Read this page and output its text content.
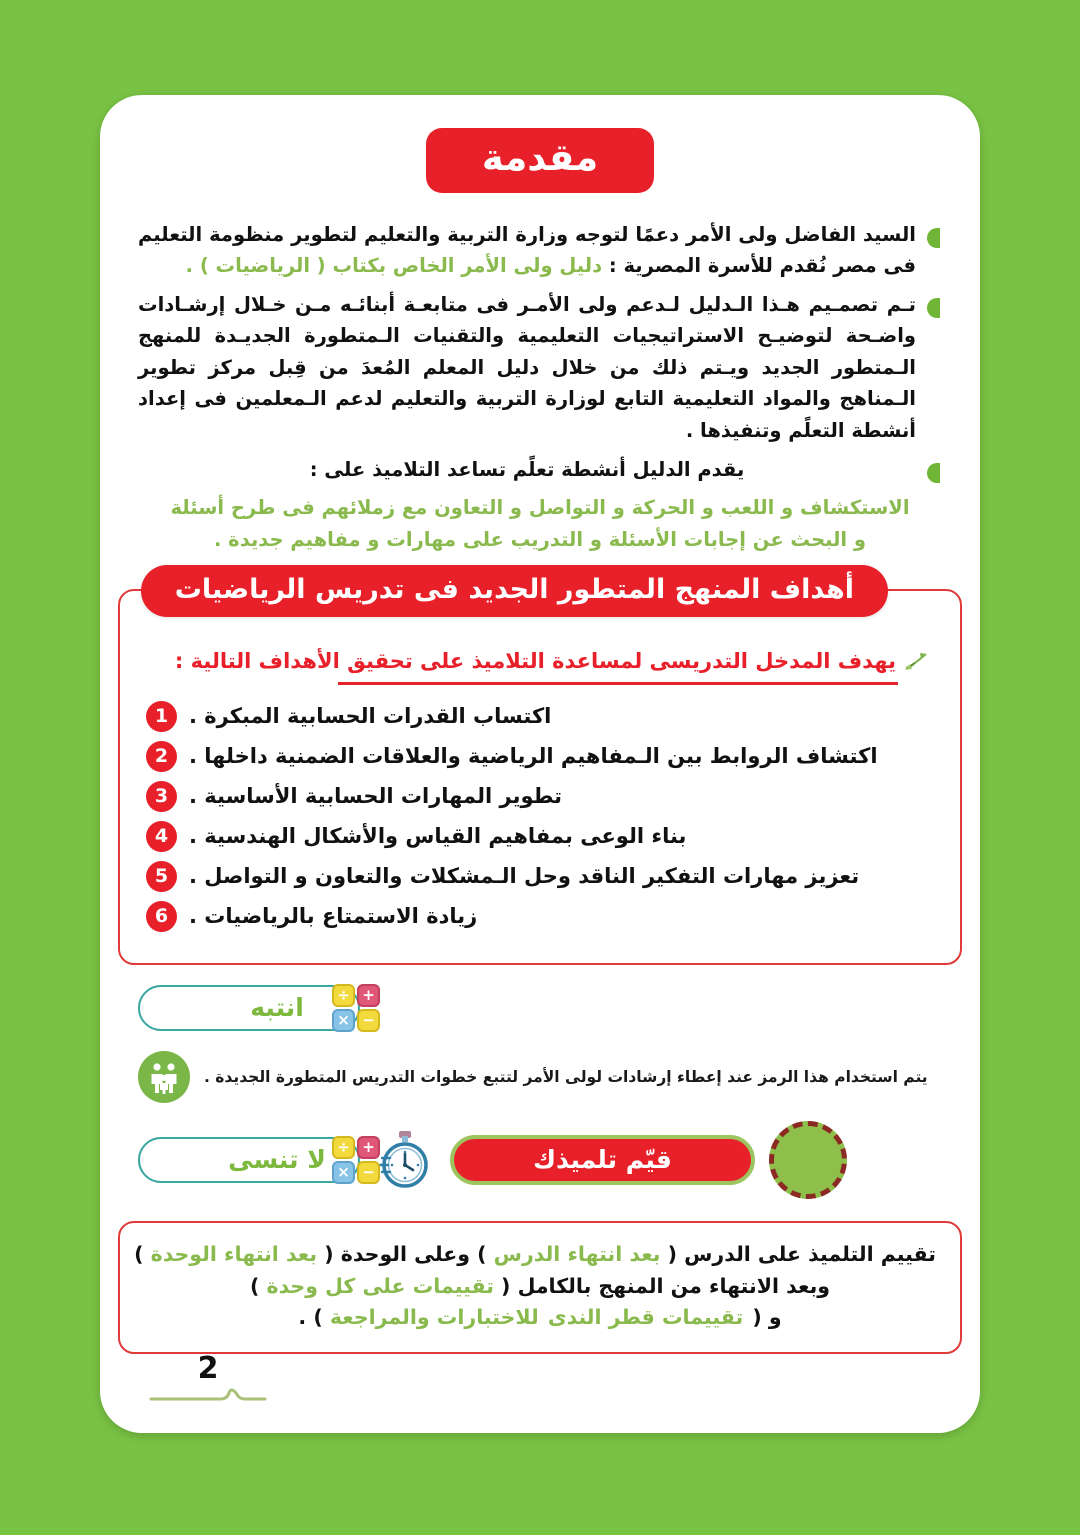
مقدمة
السيد الفاضل ولى الأمر دعمًا لتوجه وزارة التربية والتعليم لتطوير منظومة التعليم فى مصر نُقدم للأسرة المصرية : دليل ولى الأمر الخاص بكتاب ( الرياضيات ) .
تـم تصمـيم هـذا الـدليل لـدعم ولى الأمـر فى متابعـة أبنائـه مـن خـلال إرشـادات واضـحة لتوضيـح الاستراتيجيات التعليمية والتقنيات الـمتطورة الجديـدة للمنهج الـمتطور الجديد ويـتم ذلك من خلال دليل المعلم المُعدَ من قِبل مركز تطوير الـمناهج والمواد التعليمية التابع لوزارة التربية والتعليم لدعم الـمعلمين فى إعداد أنشطة التعلًم وتنفيذها .
يقدم الدليل أنشطة تعلًم تساعد التلاميذ على :
الاستكشاف و اللعب و الحركة و التواصل و التعاون مع زملائهم فى طرح أسئلة
و البحث عن إجابات الأسئلة و التدريب على مهارات و مفاهيم جديدة .
أهداف المنهج المتطور الجديد فى تدريس الرياضيات
يهدف المدخل التدريسى لمساعدة التلاميذ على تحقيق الأهداف التالية :
1 اكتساب القدرات الحسابية المبكرة .
2 اكتشاف الروابط بين الـمفاهيم الرياضية والعلاقات الضمنية داخلها .
3 تطوير المهارات الحسابية الأساسية .
4 بناء الوعى بمفاهيم القياس والأشكال الهندسية .
5 تعزيز مهارات التفكير الناقد وحل الـمشكلات والتعاون و التواصل .
6 زيادة الاستمتاع بالرياضيات .
انتبه	+
÷
−
×
يتم استخدام هذا الرمز عند إعطاء إرشادات لولى الأمر لتتبع خطوات التدريس المتطورة الجديدة .
لا تنسى	+
÷
−
×	قيّم تلميذك
تقييم التلميذ على الدرس ( بعد انتهاء الدرس ) وعلى الوحدة ( بعد انتهاء الوحدة )
وبعد الانتهاء من المنهج بالكامل ( تقييمات على كل وحدة )
و ( تقييمات قطر الندى للاختبارات والمراجعة ) .
2
